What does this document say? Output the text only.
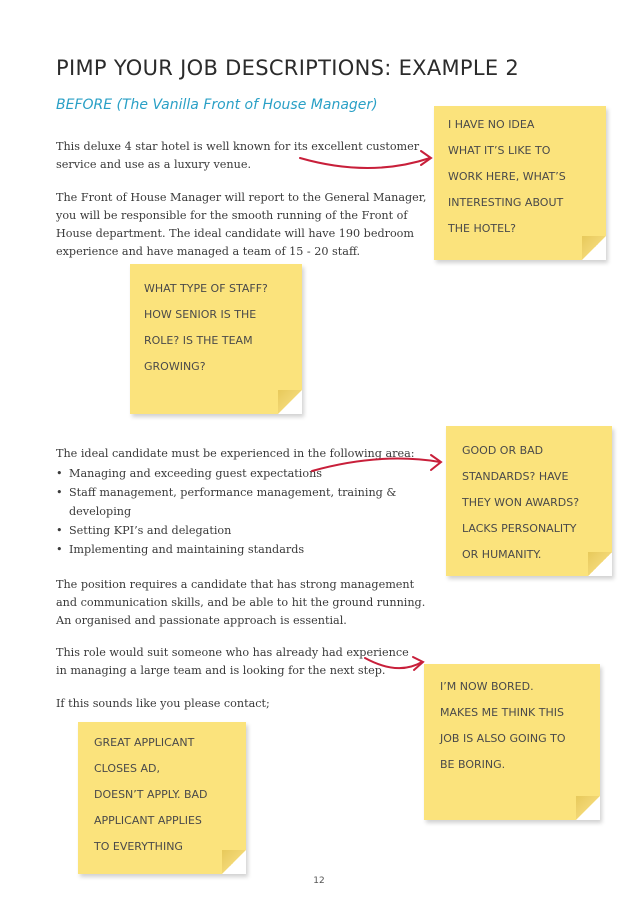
PIMP YOUR JOB DESCRIPTIONS: EXAMPLE 2
BEFORE (The Vanilla Front of House Manager)

This deluxe 4 star hotel is well known for its excellent customer
service and use as a luxury venue.

The Front of House Manager will report to the General Manager,
you will be responsible for the smooth running of the Front of
House department. The ideal candidate will have 190 bedroom
experience and have managed a team of 15 - 20 staff.

The ideal candidate must be experienced in the following area:
• Managing and exceeding guest expectations
• Staff management, performance management, training &
developing
• Setting KPI’s and delegation
• Implementing and maintaining standards

The position requires a candidate that has strong management
and communication skills, and be able to hit the ground running.
An organised and passionate approach is essential.

This role would suit someone who has already had experience
in managing a large team and is looking for the next step.

If this sounds like you please contact;
I HAVE NO IDEA
WHAT IT’S LIKE TO
WORK HERE, WHAT’S
INTERESTING ABOUT
THE HOTEL?
WHAT TYPE OF STAFF?
HOW SENIOR IS THE
ROLE? IS THE TEAM
GROWING?
GOOD OR BAD
STANDARDS? HAVE
THEY WON AWARDS?
LACKS PERSONALITY
OR HUMANITY.
I’M NOW BORED.
MAKES ME THINK THIS
JOB IS ALSO GOING TO
BE BORING.
GREAT APPLICANT
CLOSES AD,
DOESN’T APPLY. BAD
APPLICANT APPLIES
TO EVERYTHING
12
